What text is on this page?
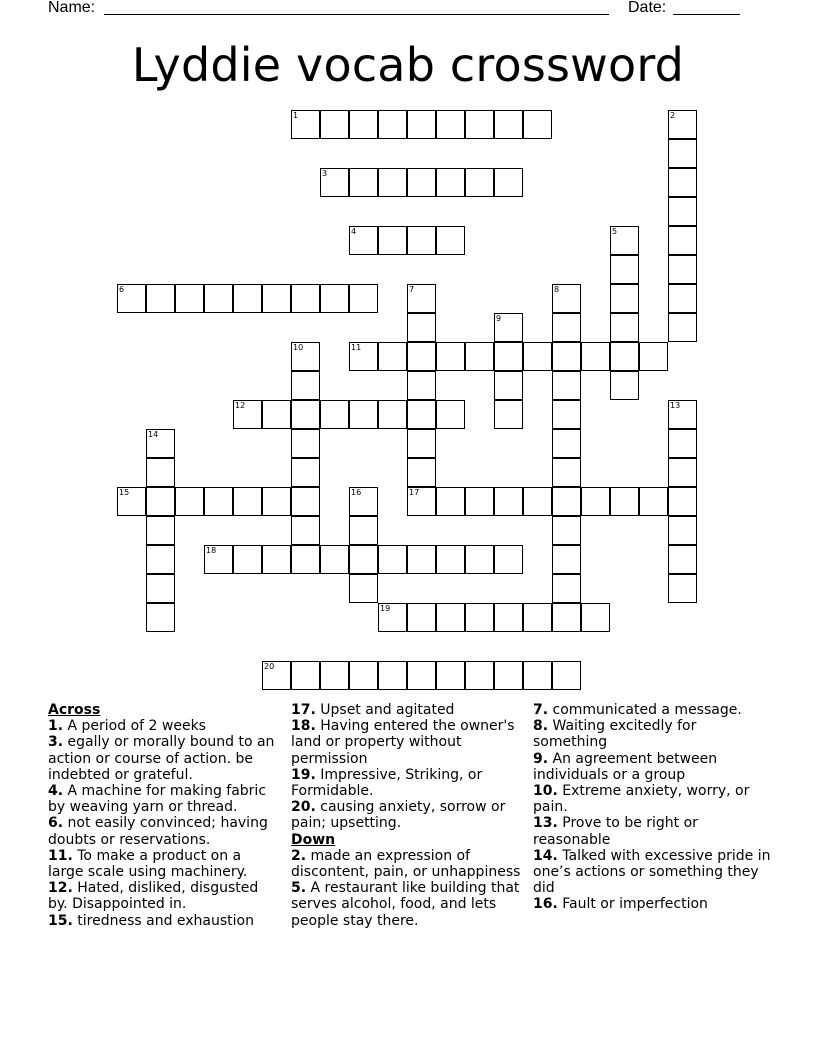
Name:	Date:
Lyddie vocab crossword
1	2
3
4	5
6	7
17
8
9
10	11
12	13
14
15	16
18
19
20
Across
1. A period of 2 weeks
3. egally or morally bound to an action or course of action. be indebted or grateful.
4. A machine for making fabric by weaving yarn or thread.
6. not easily convinced; having doubts or reservations.
11. To make a product on a large scale using machinery.
12. Hated, disliked, disgusted by. Disappointed in.
15. tiredness and exhaustion
17. Upset and agitated
18. Having entered the owner's land or property without permission
19. Impressive, Striking, or Formidable.
20. causing anxiety, sorrow or pain; upsetting.
Down
2. made an expression of discontent, pain, or unhappiness
5. A restaurant like building that serves alcohol, food, and lets people stay there.
7. communicated a message.
8. Waiting excitedly for something
9. An agreement between individuals or a group
10. Extreme anxiety, worry, or pain.
13. Prove to be right or reasonable
14. Talked with excessive pride in one’s actions or something they did
16. Fault or imperfection
